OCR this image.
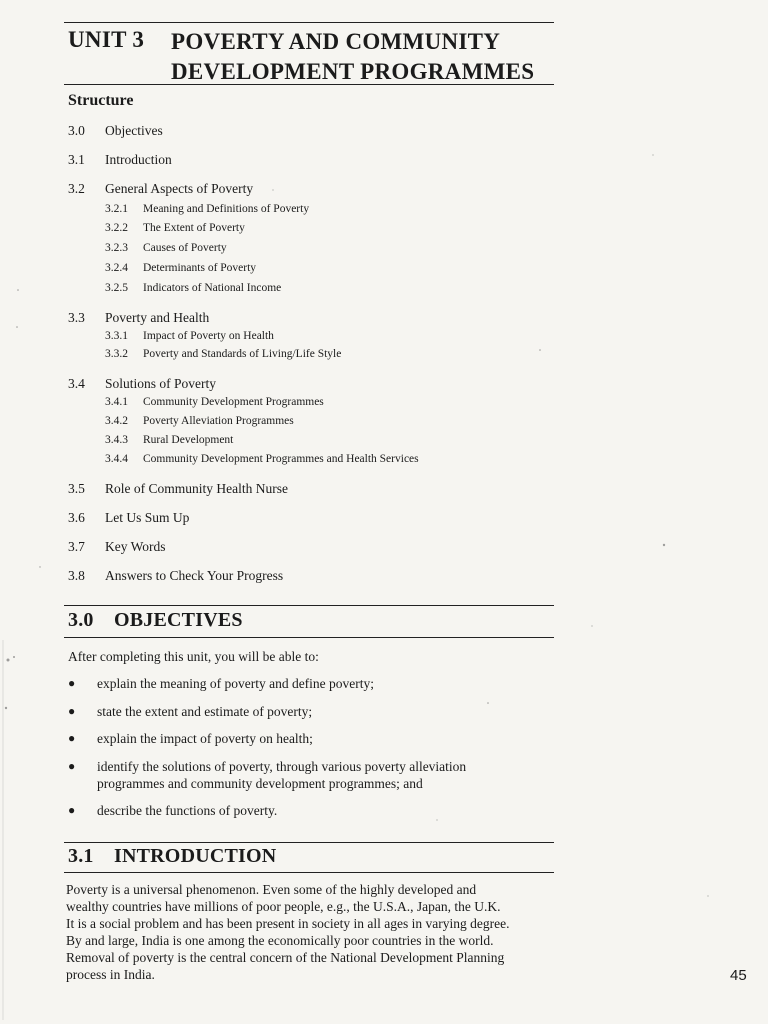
UNIT 3 POVERTY AND COMMUNITY
DEVELOPMENT PROGRAMMES
Structure
3.0 Objectives
3.1 Introduction
3.2 General Aspects of Poverty
3.2.1 Meaning and Definitions of Poverty
3.2.2 The Extent of Poverty
3.2.3 Causes of Poverty
3.2.4 Determinants of Poverty
3.2.5 Indicators of National Income
3.3 Poverty and Health
3.3.1 Impact of Poverty on Health
3.3.2 Poverty and Standards of Living/Life Style
3.4 Solutions of Poverty
3.4.1 Community Development Programmes
3.4.2 Poverty Alleviation Programmes
3.4.3 Rural Development
3.4.4 Community Development Programmes and Health Services
3.5 Role of Community Health Nurse
3.6 Let Us Sum Up
3.7 Key Words
3.8 Answers to Check Your Progress
3.0 OBJECTIVES
After completing this unit, you will be able to:
● explain the meaning of poverty and define poverty;
● state the extent and estimate of poverty;
● explain the impact of poverty on health;
● identify the solutions of poverty, through various poverty alleviation programmes and community development programmes; and
● describe the functions of poverty.
3.1 INTRODUCTION
Poverty is a universal phenomenon. Even some of the highly developed and
wealthy countries have millions of poor people, e.g., the U.S.A., Japan, the U.K.
It is a social problem and has been present in society in all ages in varying degree.
By and large, India is one among the economically poor countries in the world.
Removal of poverty is the central concern of the National Development Planning
process in India.	45
